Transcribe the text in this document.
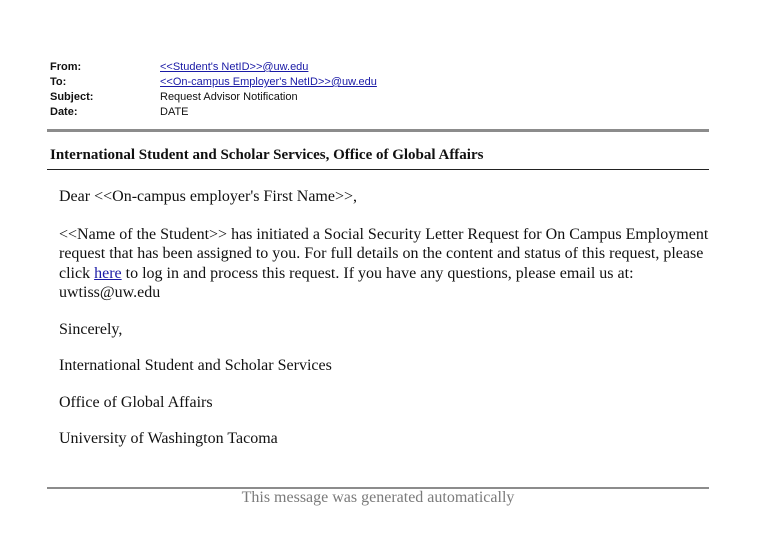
From:	<<Student's NetID>>@uw.edu
To:	<<On-campus Employer's NetID>>@uw.edu
Subject:	Request Advisor Notification
Date:	DATE
International Student and Scholar Services, Office of Global Affairs

Dear <<On-campus employer's First Name>>,

<<Name of the Student>> has initiated a Social Security Letter Request for On Campus Employment request that has been assigned to you. For full details on the content and status of this request, please click here to log in and process this request. If you have any questions, please email us at: uwtiss@uw.edu

Sincerely,

International Student and Scholar Services

Office of Global Affairs

University of Washington Tacoma

This message was generated automatically
